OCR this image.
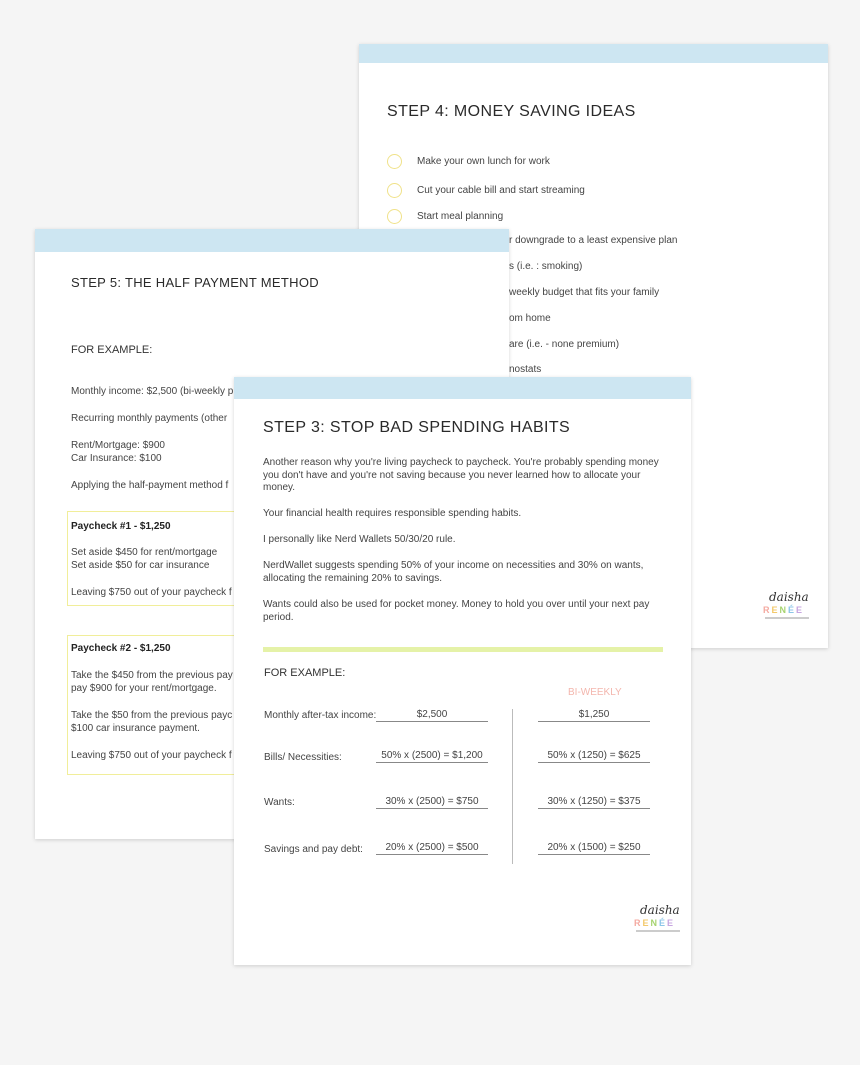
STEP 4: MONEY SAVING IDEAS
Make your own lunch for work
Cut your cable bill and start streaming
Start meal planning
r downgrade to a least expensive plan
s (i.e. : smoking)
weekly budget that fits your family
om home
are (i.e. - none premium)
nostats
daisha
RENÉE
STEP 5: THE HALF PAYMENT METHOD
FOR EXAMPLE:
Monthly income: $2,500 (bi-weekly p
Recurring monthly payments (other
Rent/Mortgage: $900
Car Insurance: $100
Applying the half-payment method f
Paycheck #1 - $1,250
Set aside $450 for rent/mortgage
Set aside $50 for car insurance
Leaving $750 out of your paycheck f
Paycheck #2 - $1,250
Take the $450 from the previous pay
pay $900 for your rent/mortgage.
Take the $50 from the previous payc
$100 car insurance payment.
Leaving $750 out of your paycheck f
STEP 3: STOP BAD SPENDING HABITS
Another reason why you're living paycheck to paycheck. You're probably spending money you don't have and you're not saving because you never learned how to allocate your money.
Your financial health requires responsible spending habits.
I personally like Nerd Wallets 50/30/20 rule.
NerdWallet suggests spending 50% of your income on necessities and 30% on wants, allocating the remaining 20% to savings.
Wants could also be used for pocket money. Money to hold you over until your next pay period.
FOR EXAMPLE:
BI-WEEKLY
Monthly after-tax income:	$2,500	$1,250
Bills/ Necessities:	50% x (2500) = $1,200	50% x (1250) = $625
Wants:	30% x (2500) = $750	30% x (1250) = $375
Savings and pay debt:	20% x (2500) = $500	20% x (1500) = $250
daisha
RENÉE
